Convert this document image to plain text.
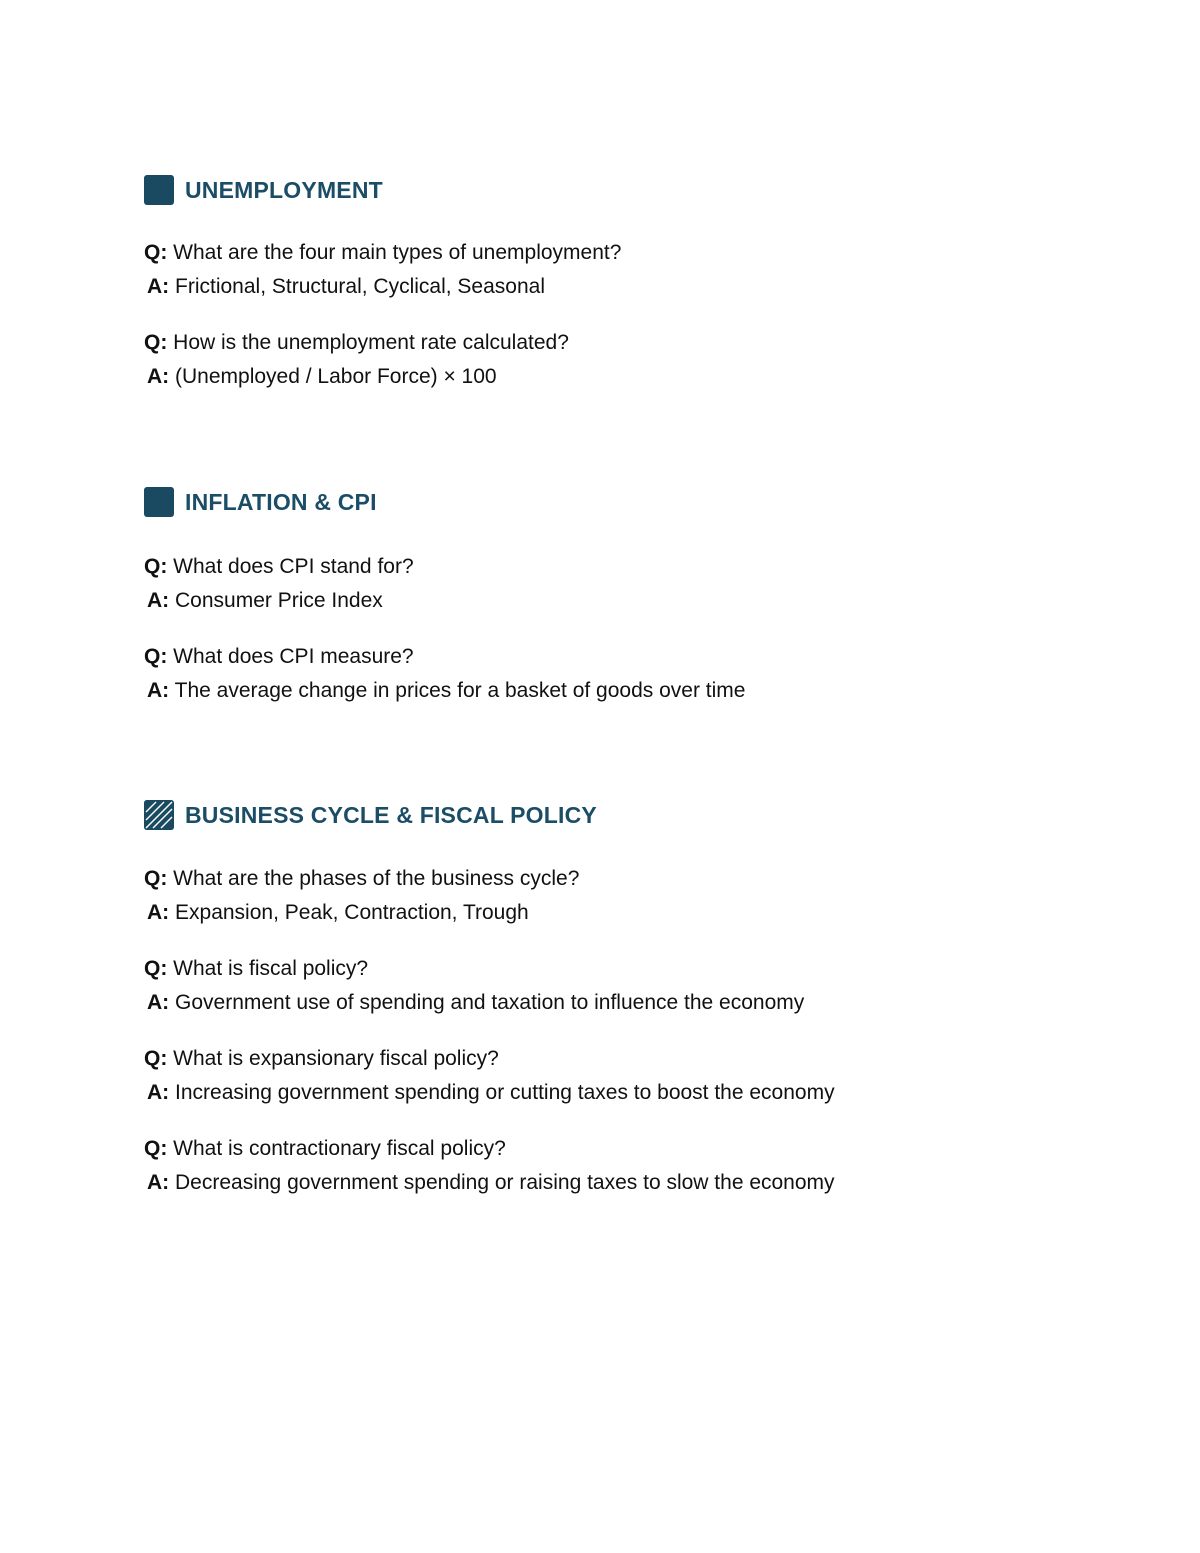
UNEMPLOYMENT
Q: What are the four main types of unemployment?
A: Frictional, Structural, Cyclical, Seasonal
Q: How is the unemployment rate calculated?
A: (Unemployed / Labor Force) × 100
INFLATION & CPI
Q: What does CPI stand for?
A: Consumer Price Index
Q: What does CPI measure?
A: The average change in prices for a basket of goods over time
BUSINESS CYCLE & FISCAL POLICY
Q: What are the phases of the business cycle?
A: Expansion, Peak, Contraction, Trough
Q: What is fiscal policy?
A: Government use of spending and taxation to influence the economy
Q: What is expansionary fiscal policy?
A: Increasing government spending or cutting taxes to boost the economy
Q: What is contractionary fiscal policy?
A: Decreasing government spending or raising taxes to slow the economy
